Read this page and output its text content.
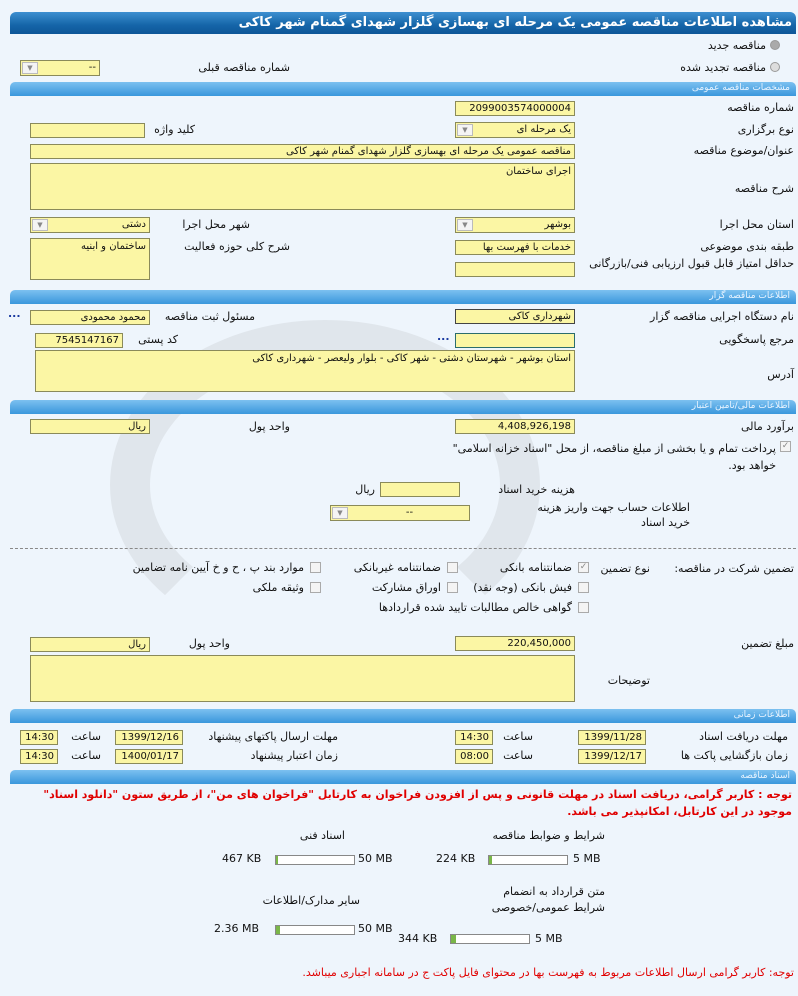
مشاهده اطلاعات مناقصه عمومی یک مرحله ای بهسازی گلزار شهدای گمنام شهر کاکی
مناقصه جدید
مناقصه تجدید شده
شماره مناقصه قبلی
--
▼
مشخصات مناقصه عمومی
شماره مناقصه
2099003574000004
نوع برگزاری
یک مرحله ای
▼
کلید واژه
عنوان/موضوع مناقصه
مناقصه عمومی یک مرحله ای بهسازی گلزار شهدای گمنام شهر کاکی
شرح مناقصه
اجرای ساختمان
استان محل اجرا
بوشهر
▼
شهر محل اجرا
دشتی
▼
طبقه بندی موضوعی
خدمات با فهرست بها
شرح کلی حوزه فعالیت
ساختمان و ابنیه
حداقل امتیاز قابل قبول ارزیابی فنی/بازرگانی
اطلاعات مناقصه گزار
نام دستگاه اجرایی مناقصه گزار
شهرداری کاکی
مسئول ثبت مناقصه
محمود محمودی
...
مرجع پاسخگویی
...
کد پستی
7545147167
آدرس
استان بوشهر - شهرستان دشتی - شهر کاکی - بلوار ولیعصر - شهرداری کاکی
اطلاعات مالی/تامین اعتبار
برآورد مالی
4,408,926,198
واحد پول
ریال
✓
پرداخت تمام و یا بخشی از مبلغ مناقصه، از محل "اسناد خزانه اسلامی" خواهد بود.
هزینه خرید اسناد
ریال
اطلاعات حساب جهت واریز هزینه خرید اسناد
--
▼
تضمین شرکت در مناقصه:
نوع تضمین
✓
ضمانتنامه بانکی
ضمانتنامه غیربانکی
موارد بند پ ، ح و خ آیین نامه تضامین
فیش بانکی (وجه نقد)
اوراق مشارکت
وثیقه ملکی
گواهی خالص مطالبات تایید شده قراردادها
مبلغ تضمین
220,450,000
واحد پول
ریال
توضیحات
اطلاعات زمانی
مهلت دریافت اسناد
1399/11/28
ساعت
14:30
مهلت ارسال پاکتهای پیشنهاد
1399/12/16
ساعت
14:30
زمان بازگشایی پاکت ها
1399/12/17
ساعت
08:00
زمان اعتبار پیشنهاد
1400/01/17
ساعت
14:30
اسناد مناقصه
توجه : کاربر گرامی، دریافت اسناد در مهلت قانونی و پس از افزودن فراخوان به کارتابل "فراخوان های من"، از طریق ستون "دانلود اسناد" موجود در این کارتابل، امکانپذیر می باشد.
شرایط و ضوابط مناقصه
5 MB
224 KB
اسناد فنی
50 MB
467 KB
متن قرارداد به انضمام شرایط عمومی/خصوصی
5 MB
344 KB
سایر مدارک/اطلاعات
50 MB
2.36 MB
توجه: کاربر گرامی ارسال اطلاعات مربوط به فهرست بها در محتوای فایل پاکت ج در سامانه اجباری میباشد.
